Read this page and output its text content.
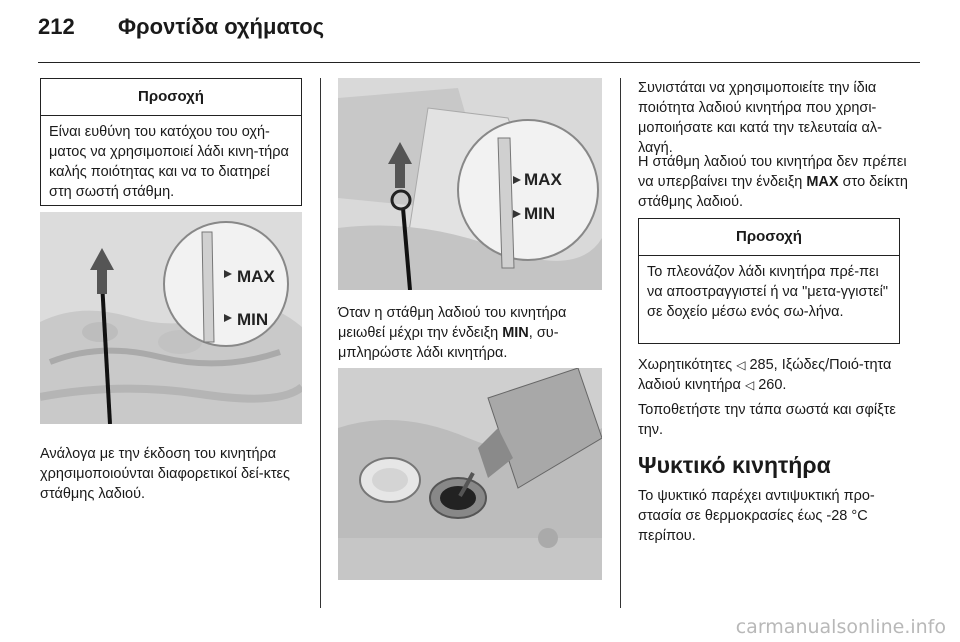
212 Φροντίδα οχήματος
Προσοχή
Είναι ευθύνη του κατόχου του οχή-ματος να χρησιμοποιεί λάδι κινη-τήρα καλής ποιότητας και να το διατηρεί στη σωστή στάθμη.
MAX
MIN
Ανάλογα με την έκδοση του κινητήρα χρησιμοποιούνται διαφορετικοί δεί-κτες στάθμης λαδιού.
MAX
MIN
Όταν η στάθμη λαδιού του κινητήρα μειωθεί μέχρι την ένδειξη MIN, συ-μπληρώστε λάδι κινητήρα.
Συνιστάται να χρησιμοποιείτε την ίδια ποιότητα λαδιού κινητήρα που χρησι-μοποιήσατε και κατά την τελευταία αλ-λαγή.
Η στάθμη λαδιού του κινητήρα δεν πρέπει να υπερβαίνει την ένδειξη MAX στο δείκτη στάθμης λαδιού.
Προσοχή
Το πλεονάζον λάδι κινητήρα πρέ-πει να αποστραγγιστεί ή να "μετα-γγιστεί" σε δοχείο μέσω ενός σω-λήνα.
Χωρητικότητες ◁ 285, Ιξώδες/Ποιό-τητα λαδιού κινητήρα ◁ 260.
Τοποθετήστε την τάπα σωστά και σφίξτε την.
Ψυκτικό κινητήρα
Το ψυκτικό παρέχει αντιψυκτική προ-στασία σε θερμοκρασίες έως -28 °C περίπου.
carmanualsonline.info
